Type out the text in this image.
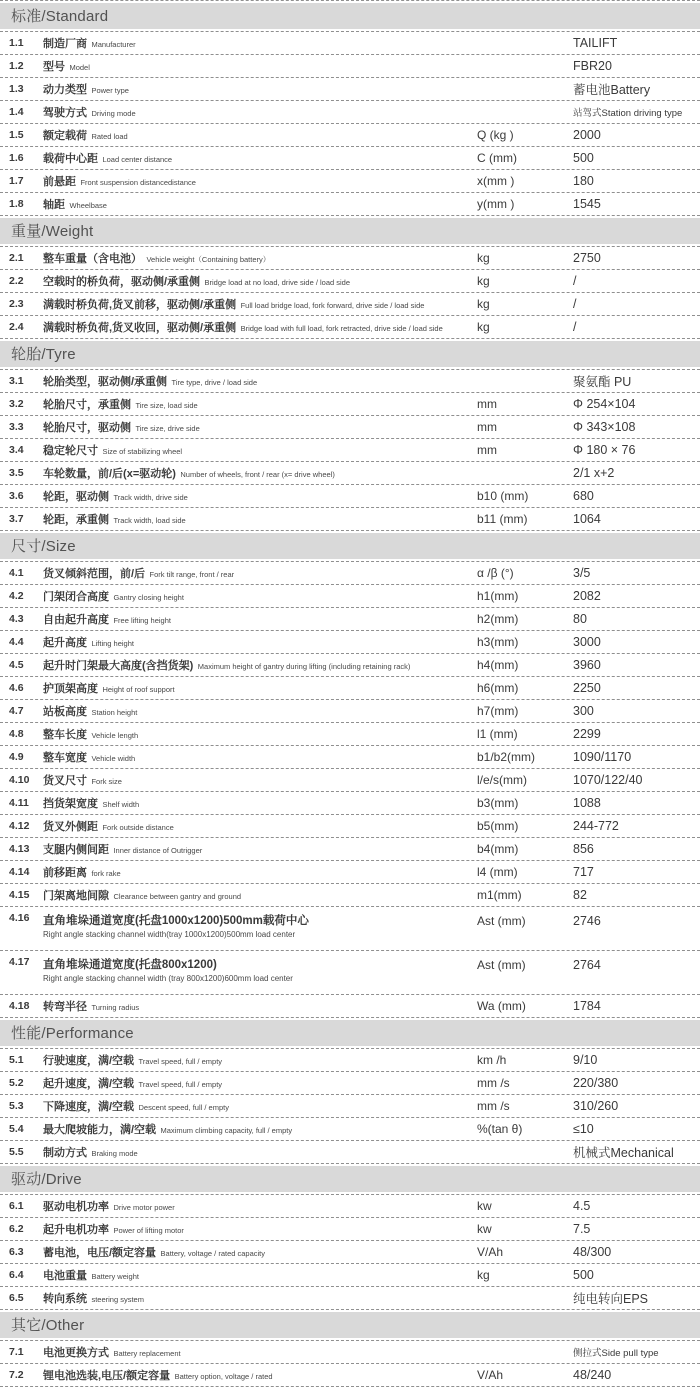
标准/Standard
1.1	制造厂商 Manufacturer	TAILIFT
1.2	型号 Model	FBR20
1.3	动力类型 Power type	蓄电池Battery
1.4	驾驶方式 Driving mode	站驾式Station driving type
1.5	额定载荷 Rated load	Q (kg )	2000
1.6	载荷中心距 Load center distance	C (mm)	500
1.7	前悬距 Front suspension distancedistance	x(mm )	180
1.8	轴距 Wheelbase	y(mm )	1545
重量/Weight
2.1	整车重量（含电池） Vehicle weight（Containing battery）	kg	2750
2.2	空载时的桥负荷，驱动侧/承重侧 Bridge load at no load, drive side / load side	kg	/
2.3	满载时桥负荷,货叉前移，驱动侧/承重侧 Full load bridge load, fork forward, drive side / load side	kg	/
2.4	满载时桥负荷,货叉收回，驱动侧/承重侧 Bridge load with full load, fork retracted, drive side / load side	kg	/
轮胎/Tyre
3.1	轮胎类型，驱动侧/承重侧 Tire type, drive / load side	聚氨酯 PU
3.2	轮胎尺寸，承重侧 Tire size, load side	mm	Φ 254×104
3.3	轮胎尺寸，驱动侧 Tire size, drive side	mm	Φ 343×108
3.4	稳定轮尺寸 Size of stabilizing wheel	mm	Φ 180 × 76
3.5	车轮数量，前/后(x=驱动轮) Number of wheels, front / rear (x= drive wheel)	2/1 x+2
3.6	轮距，驱动侧 Track width, drive side	b10 (mm)	680
3.7	轮距，承重侧 Track width, load side	b11 (mm)	1064
尺寸/Size
4.1	货叉倾斜范围，前/后 Fork tilt range, front / rear	α /β (°)	3/5
4.2	门架闭合高度 Gantry closing height	h1(mm)	2082
4.3	自由起升高度 Free lifting height	h2(mm)	80
4.4	起升高度 Lifting height	h3(mm)	3000
4.5	起升时门架最大高度(含挡货架) Maximum height of gantry during lifting (including retaining rack)	h4(mm)	3960
4.6	护顶架高度 Height of roof support	h6(mm)	2250
4.7	站板高度 Station height	h7(mm)	300
4.8	整车长度 Vehicle length	l1 (mm)	2299
4.9	整车宽度 Vehicle width	b1/b2(mm)	1090/1170
4.10	货叉尺寸 Fork size	l/e/s(mm)	1070/122/40
4.11	挡货架宽度 Shelf width	b3(mm)	1088
4.12	货叉外侧距 Fork outside distance	b5(mm)	244-772
4.13	支腿内侧间距 Inner distance of Outrigger	b4(mm)	856
4.14	前移距离 fork rake	l4 (mm)	717
4.15	门架离地间隙 Clearance between gantry and ground	m1(mm)	82
4.16	直角堆垛通道宽度(托盘1000x1200)500mm载荷中心
Right angle stacking channel width(tray 1000x1200)500mm load center
Ast (mm)	2746
4.17	直角堆垛通道宽度(托盘800x1200)
Right angle stacking channel width (tray 800x1200)600mm load center
Ast (mm)	2764
4.18	转弯半径 Turning radius	Wa (mm)	1784
性能/Performance
5.1	行驶速度，满/空载 Travel speed, full / empty	km /h	9/10
5.2	起升速度，满/空载 Travel speed, full / empty	mm /s	220/380
5.3	下降速度，满/空载 Descent speed, full / empty	mm /s	310/260
5.4	最大爬坡能力，满/空载 Maximum climbing capacity, full / empty	%(tan θ)	≤10
5.5	制动方式 Braking mode	机械式Mechanical
驱动/Drive
6.1	驱动电机功率 Drive motor power	kw	4.5
6.2	起升电机功率 Power of lifting motor	kw	7.5
6.3	蓄电池，电压/额定容量 Battery, voltage / rated capacity	V/Ah	48/300
6.4	电池重量 Battery weight	kg	500
6.5	转向系统 steering system	纯电转向EPS
其它/Other
7.1	电池更换方式 Battery replacement	侧拉式Side pull type
7.2	锂电池选装,电压/额定容量 Battery option, voltage / rated	V/Ah	48/240
